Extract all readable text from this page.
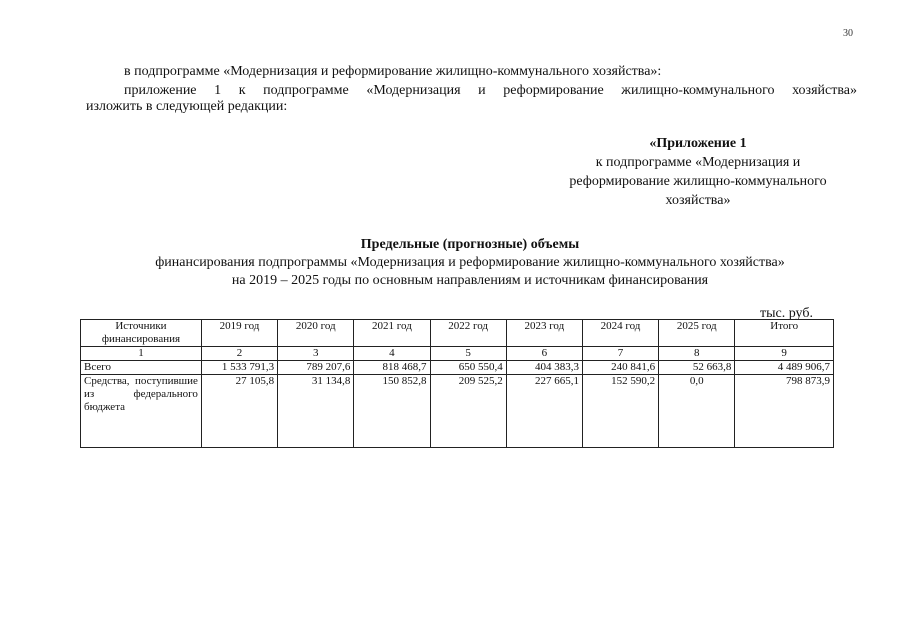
30
в подпрограмме «Модернизация и реформирование жилищно-коммунального хозяйства»:
приложение 1 к подпрограмме «Модернизация и реформирование жилищно-коммунального хозяйства»
изложить в следующей редакции:
«Приложение 1
к подпрограмме «Модернизация и
реформирование жилищно-коммунального
хозяйства»
Предельные (прогнозные) объемы
финансирования подпрограммы «Модернизация и реформирование жилищно-коммунального хозяйства»
на 2019 – 2025 годы по основным направлениям и источникам финансирования
тыс. руб.
Источники финансирования	2019 год	2020 год	2021 год	2022 год	2023 год	2024 год	2025 год	Итого
1	2	3	4	5	6	7	8	9
Всего	1 533 791,3	789 207,6	818 468,7	650 550,4	404 383,3	240 841,6	52 663,8	4 489 906,7
Средства, поступившие из федерального бюджета	27 105,8	31 134,8	150 852,8	209 525,2	227 665,1	152 590,2	0,0	798 873,9
